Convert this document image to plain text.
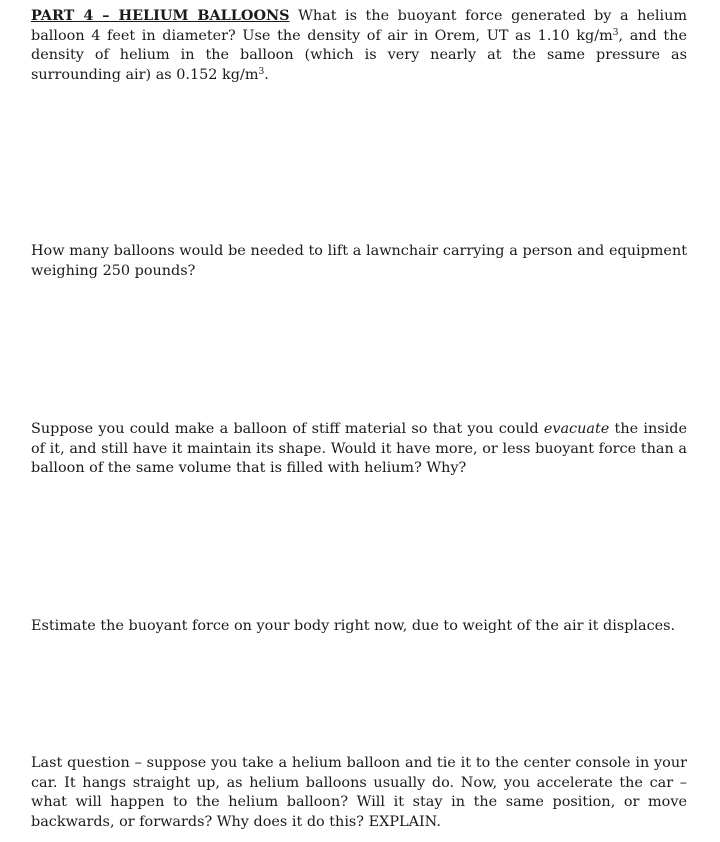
PART 4 – HELIUM BALLOONS What is the buoyant force generated by a helium balloon 4 feet in diameter? Use the density of air in Orem, UT as 1.10 $kg/m^3$, and the density of helium in the balloon (which is very nearly at the same pressure as surrounding air) as 0.152 $kg/m^3$.

How many balloons would be needed to lift a lawnchair carrying a person and equipment weighing 250 pounds?

Suppose you could make a balloon of stiff material so that you could evacuate the inside of it, and still have it maintain its shape. Would it have more, or less buoyant force than a balloon of the same volume that is filled with helium? Why?

Estimate the buoyant force on your body right now, due to weight of the air it displaces.

Last question – suppose you take a helium balloon and tie it to the center console in your car. It hangs straight up, as helium balloons usually do. Now, you accelerate the car – what will happen to the helium balloon? Will it stay in the same position, or move backwards, or forwards? Why does it do this? EXPLAIN.
